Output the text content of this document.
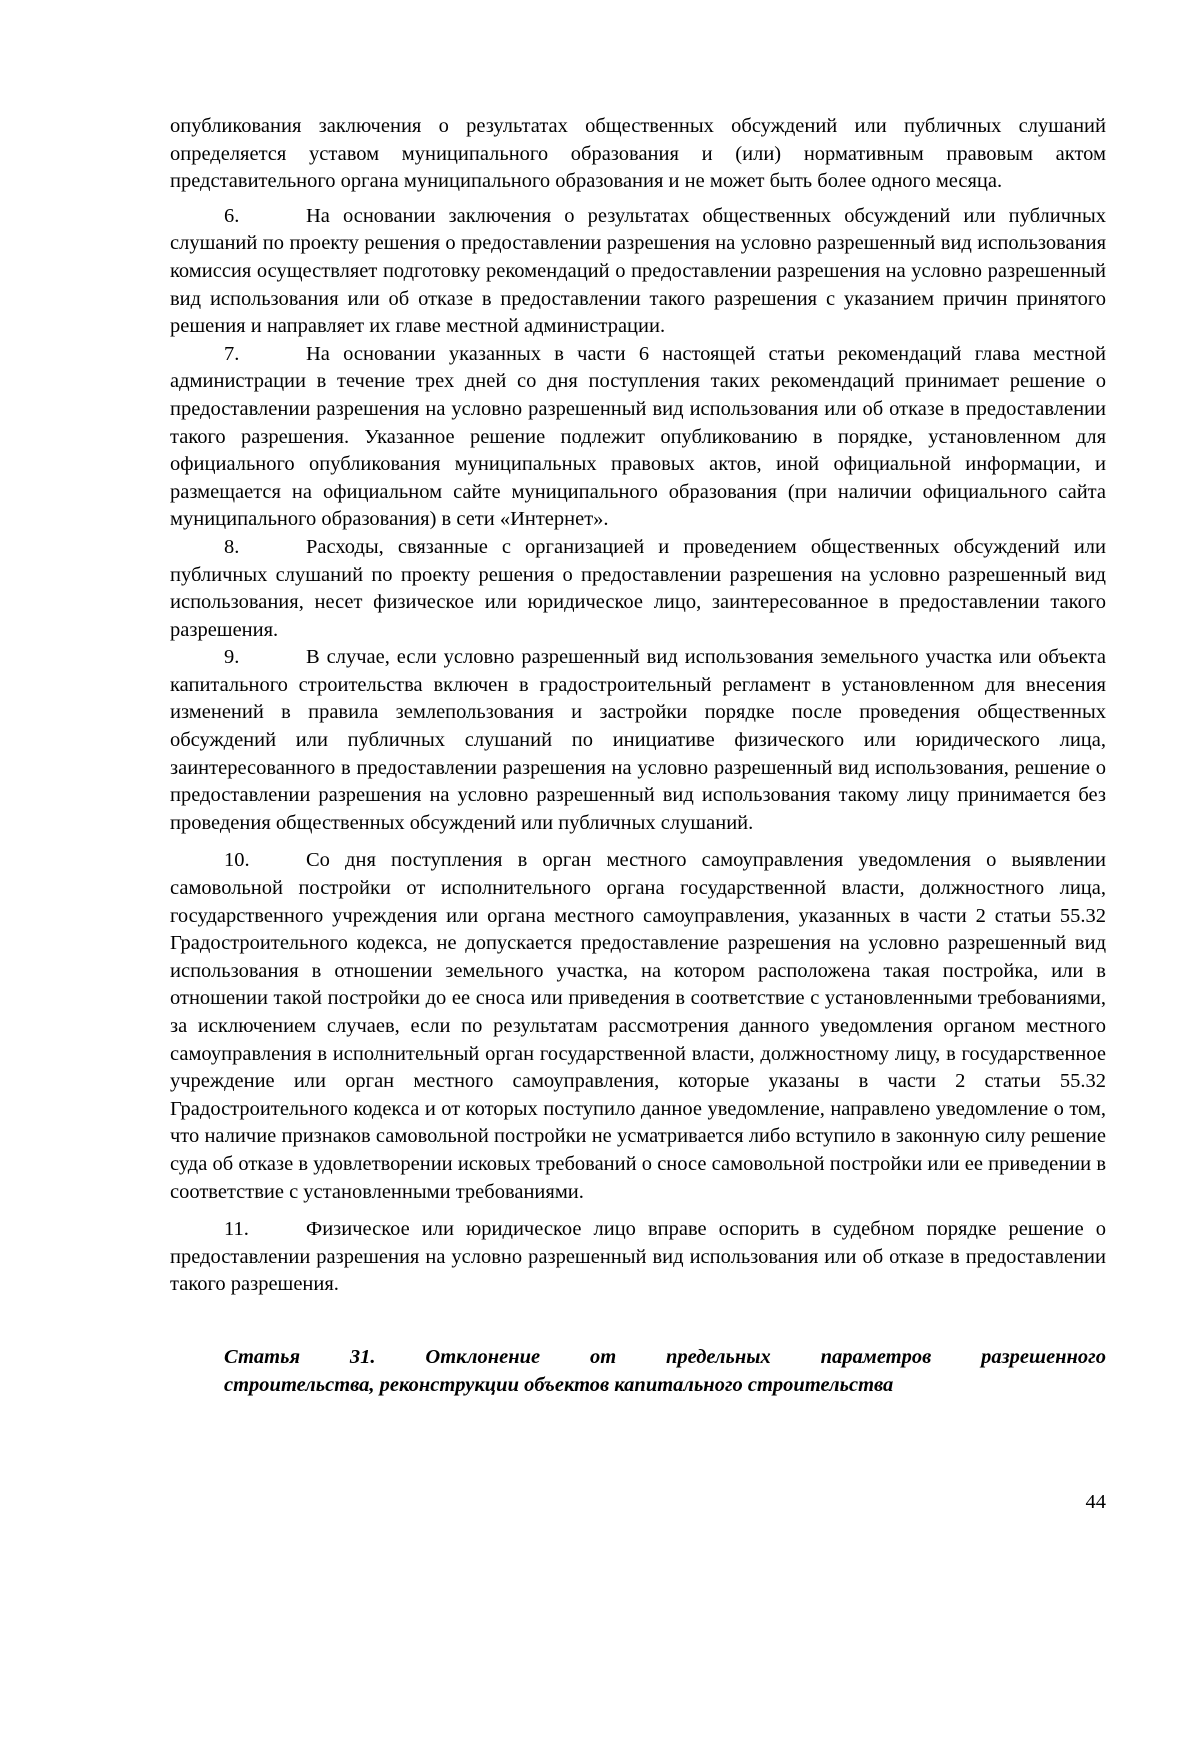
опубликования заключения о результатах общественных обсуждений или публичных слушаний определяется уставом муниципального образования и (или) нормативным правовым актом представительного органа муниципального образования и не может быть более одного месяца.

6.	На основании заключения о результатах общественных обсуждений или публичных слушаний по проекту решения о предоставлении разрешения на условно разрешенный вид использования комиссия осуществляет подготовку рекомендаций о предоставлении разрешения на условно разрешенный вид использования или об отказе в предоставлении такого разрешения с указанием причин принятого решения и направляет их главе местной администрации.

7.	На основании указанных в части 6 настоящей статьи рекомендаций глава местной администрации в течение трех дней со дня поступления таких рекомендаций принимает решение о предоставлении разрешения на условно разрешенный вид использования или об отказе в предоставлении такого разрешения. Указанное решение подлежит опубликованию в порядке, установленном для официального опубликования муниципальных правовых актов, иной официальной информации, и размещается на официальном сайте муниципального образования (при наличии официального сайта муниципального образования) в сети «Интернет».

8.	Расходы, связанные с организацией и проведением общественных обсуждений или публичных слушаний по проекту решения о предоставлении разрешения на условно разрешенный вид использования, несет физическое или юридическое лицо, заинтересованное в предоставлении такого разрешения.

9.	В случае, если условно разрешенный вид использования земельного участка или объекта капитального строительства включен в градостроительный регламент в установленном для внесения изменений в правила землепользования и застройки порядке после проведения общественных обсуждений или публичных слушаний по инициативе физического или юридического лица, заинтересованного в предоставлении разрешения на условно разрешенный вид использования, решение о предоставлении разрешения на условно разрешенный вид использования такому лицу принимается без проведения общественных обсуждений или публичных слушаний.

10.	Со дня поступления в орган местного самоуправления уведомления о выявлении самовольной постройки от исполнительного органа государственной власти, должностного лица, государственного учреждения или органа местного самоуправления, указанных в части 2 статьи 55.32 Градостроительного кодекса, не допускается предоставление разрешения на условно разрешенный вид использования в отношении земельного участка, на котором расположена такая постройка, или в отношении такой постройки до ее сноса или приведения в соответствие с установленными требованиями, за исключением случаев, если по результатам рассмотрения данного уведомления органом местного самоуправления в исполнительный орган государственной власти, должностному лицу, в государственное учреждение или орган местного самоуправления, которые указаны в части 2 статьи 55.32 Градостроительного кодекса и от которых поступило данное уведомление, направлено уведомление о том, что наличие признаков самовольной постройки не усматривается либо вступило в законную силу решение суда об отказе в удовлетворении исковых требований о сносе самовольной постройки или ее приведении в соответствие с установленными требованиями.

11.	Физическое или юридическое лицо вправе оспорить в судебном порядке решение о предоставлении разрешения на условно разрешенный вид использования или об отказе в предоставлении такого разрешения.

Статья 31. Отклонение от предельных параметров разрешенного
строительства, реконструкции объектов капитального строительства
44
